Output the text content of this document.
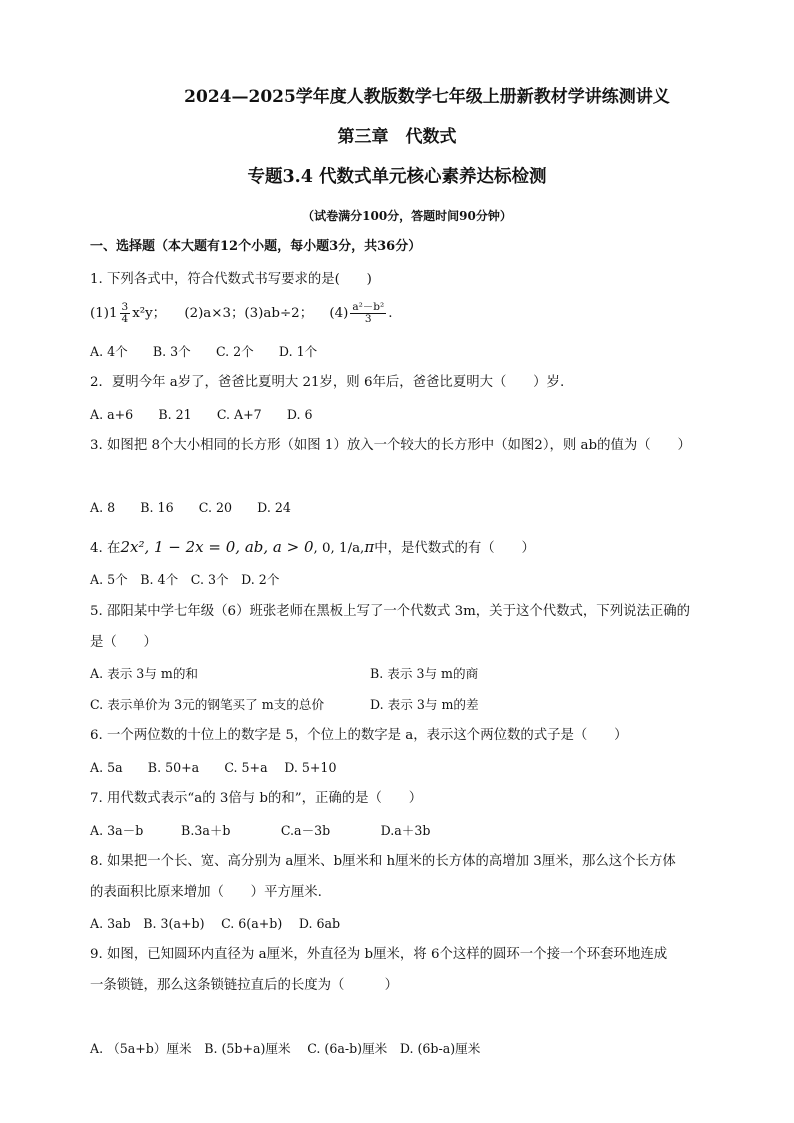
2024—2025学年度人教版数学七年级上册新教材学讲练测讲义
第三章　代数式
专题3.4 代数式单元核心素养达标检测
（试卷满分100分，答题时间90分钟）
一、选择题（本大题有12个小题，每小题3分，共36分）
1. 下列各式中，符合代数式书写要求的是(　　)
$(1)1 \frac{3}{4} x^2y$； (2)a×3；(3)ab÷2； $(4) \frac{\text{a²－b²}}{3}$ .
A. 4个　　B. 3个　　C. 2个　　D. 1个
2．夏明今年 a岁了，爸爸比夏明大 21岁，则 6年后，爸爸比夏明大（　　）岁.
A. a+6　　B. 21　　C. A+7　　D. 6
3. 如图把 8个大小相同的长方形（如图 1）放入一个较大的长方形中（如图2），则 ab的值为（　　）
A. 8　　B. 16　　C. 20　　D. 24
4. 在2x², 1 − 2x = 0, ab, a > 0, 0, 1/a,π中，是代数式的有（　　）
A. 5个　B. 4个　C. 3个　D. 2个
5. 邵阳某中学七年级（6）班张老师在黑板上写了一个代数式 3m，关于这个代数式，下列说法正确的
是（　　）
A. 表示 3与 m的和	B. 表示 3与 m的商
C. 表示单价为 3元的钢笔买了 m支的总价	D. 表示 3与 m的差
6. 一个两位数的十位上的数字是 5，个位上的数字是 a，表示这个两位数的式子是（　　）
A. 5a　　B. 50+a　　C. 5+a　 D. 5+10
7. 用代数式表示“a的 3倍与 b的和”，正确的是（　　）
A. 3a－b　　　B.3a＋b　　　　C.a－3b　　　　D.a＋3b
8. 如果把一个长、宽、高分别为 a厘米、b厘米和 h厘米的长方体的高增加 3厘米，那么这个长方体
的表面积比原来增加（　　）平方厘米.
A. 3ab　B. 3(a+b)　 C. 6(a+b)　 D. 6ab
9. 如图，已知圆环内直径为 a厘米，外直径为 b厘米，将 6个这样的圆环一个接一个环套环地连成
一条锁链，那么这条锁链拉直后的长度为（　　　）
A. （5a+b）厘米　B. (5b+a)厘米　 C. (6a-b)厘米　D. (6b-a)厘米
